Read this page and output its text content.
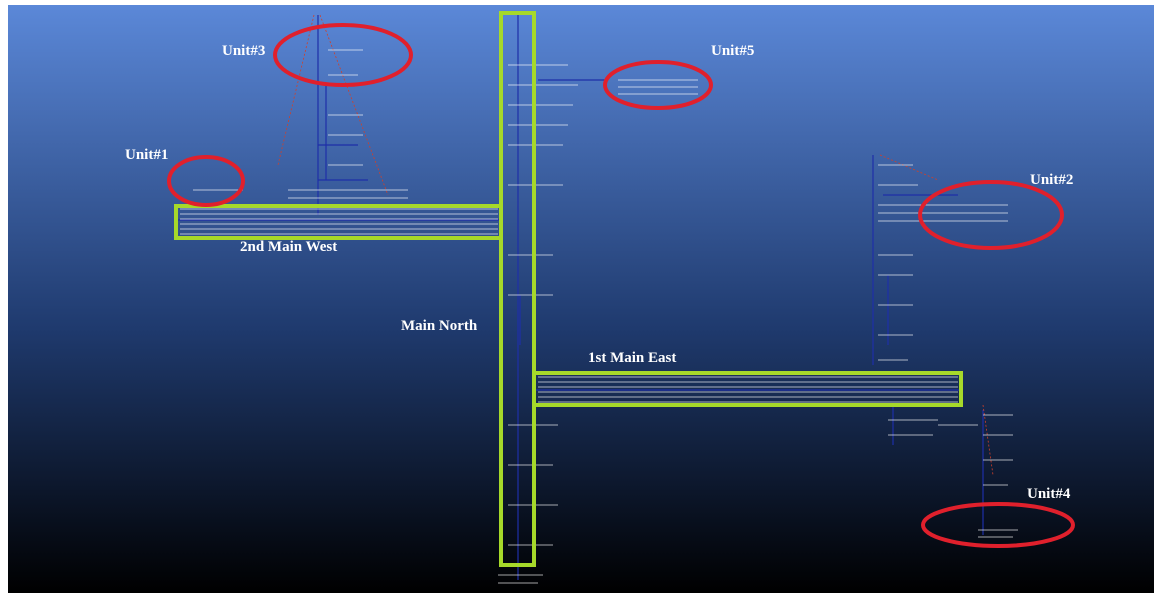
Unit#3	Unit#5
Unit#1
Unit#2
Unit#4
2nd Main West
Main North
1st Main East
